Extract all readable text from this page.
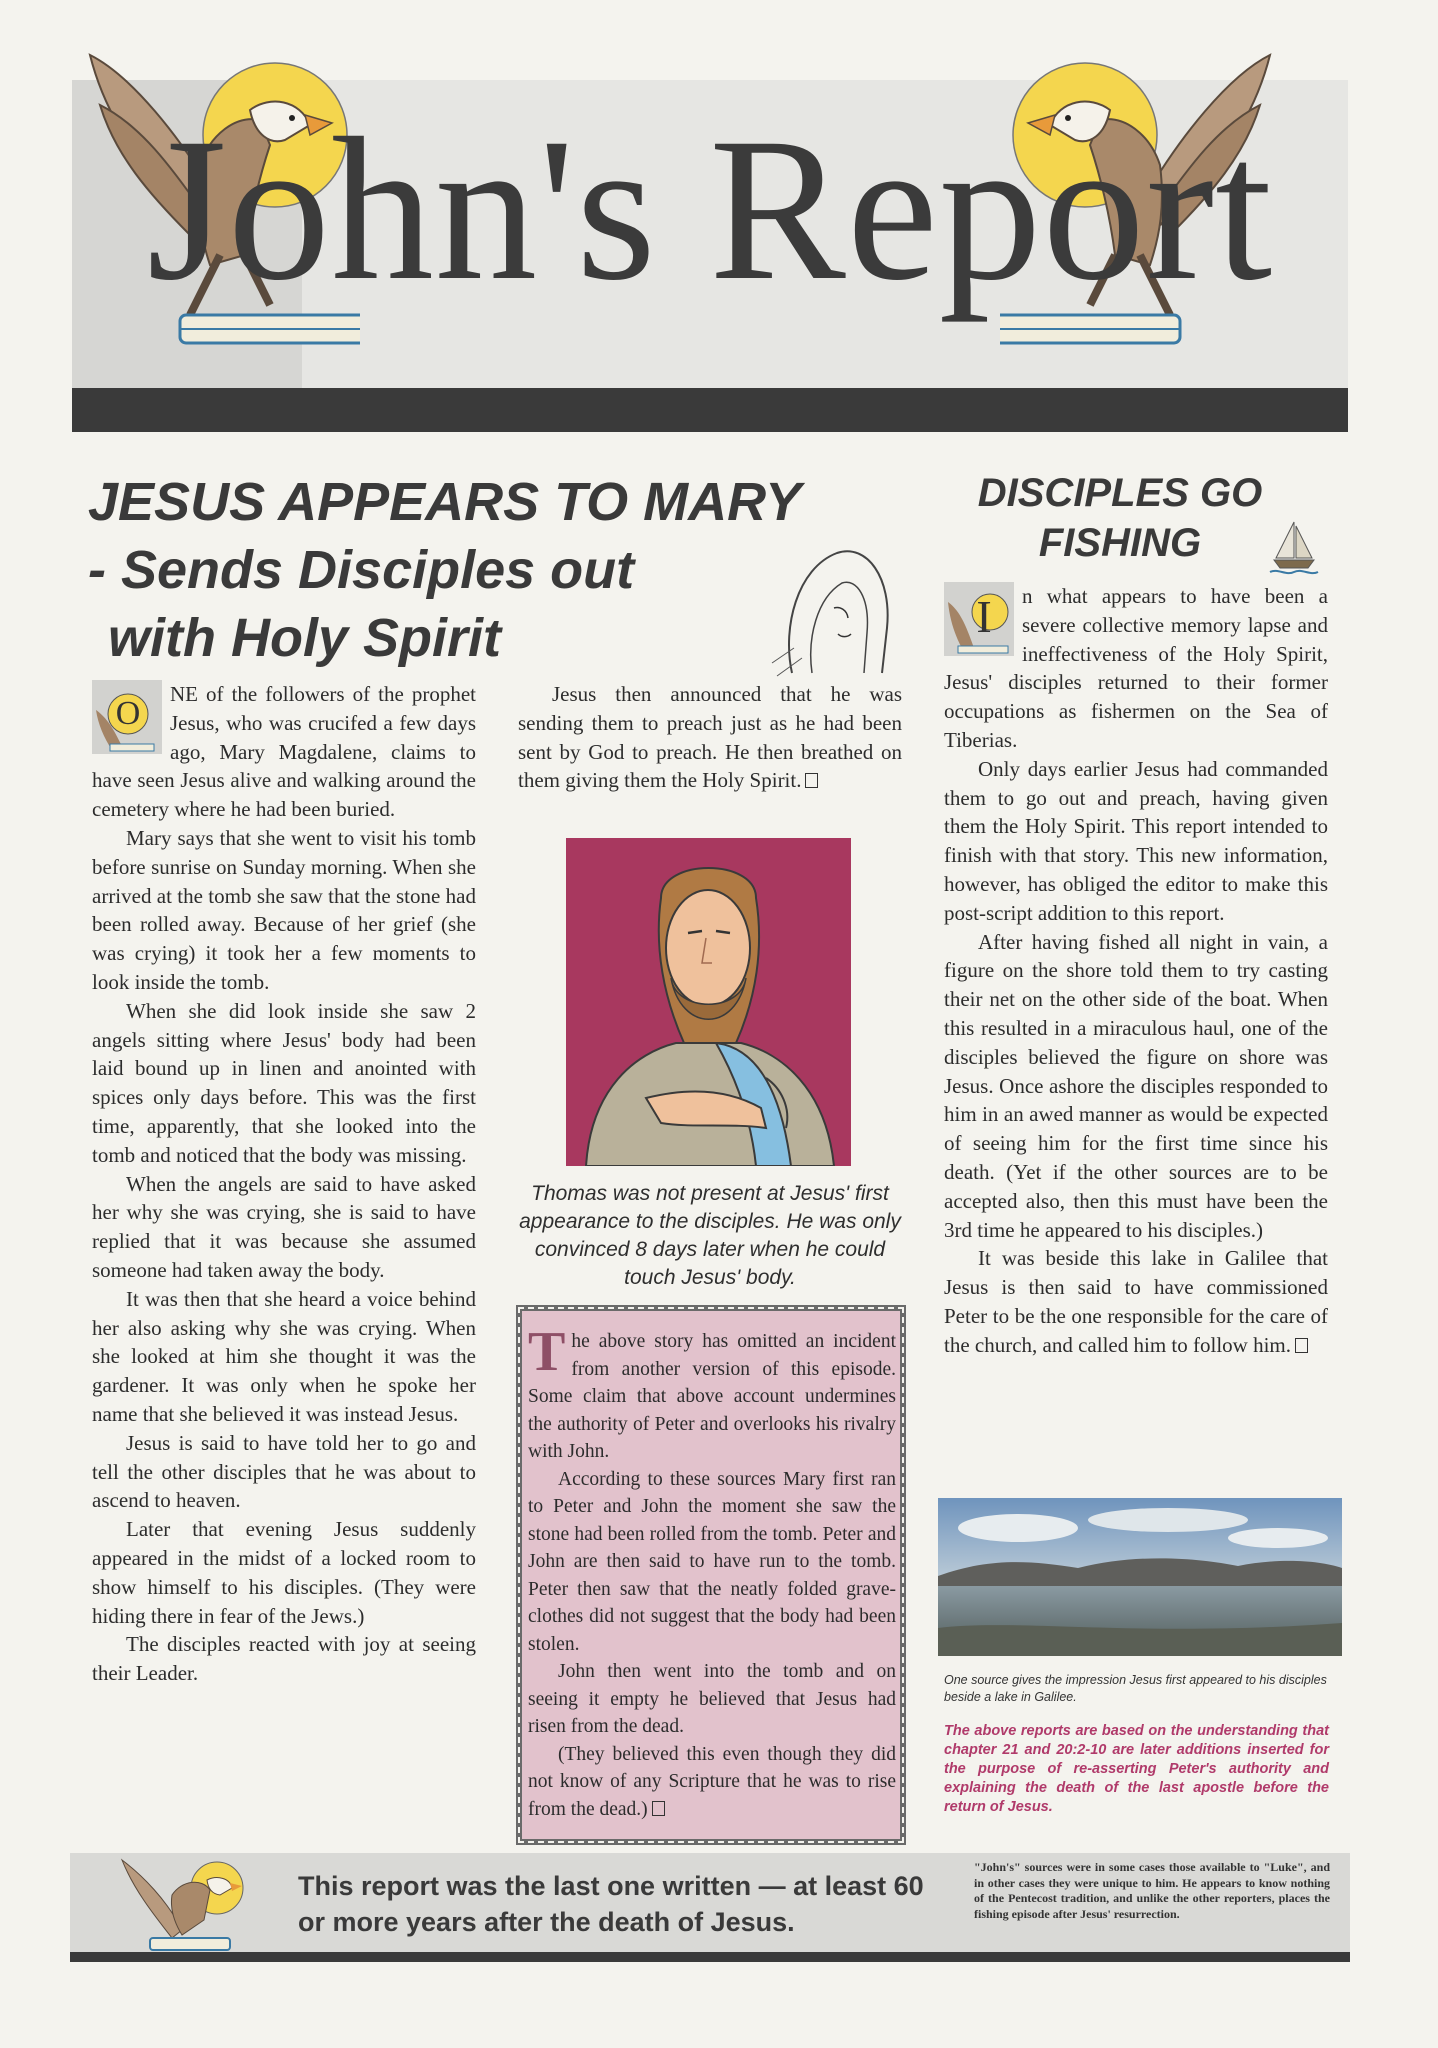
John's Report
JESUS APPEARS TO MARY
- Sends Disciples out
with Holy Spirit
O

NE of the followers of the prophet Jesus, who was crucifed a few days ago, Mary Magdalene, claims to have seen Jesus alive and walking around the cemetery where he had been buried.

Mary says that she went to visit his tomb before sunrise on Sunday morning. When she arrived at the tomb she saw that the stone had been rolled away. Because of her grief (she was crying) it took her a few moments to look inside the tomb.

When she did look inside she saw 2 angels sitting where Jesus' body had been laid bound up in linen and anointed with spices only days before. This was the first time, apparently, that she looked into the tomb and noticed that the body was missing.

When the angels are said to have asked her why she was crying, she is said to have replied that it was because she assumed someone had taken away the body.

It was then that she heard a voice behind her also asking why she was crying. When she looked at him she thought it was the gardener. It was only when he spoke her name that she believed it was instead Jesus.

Jesus is said to have told her to go and tell the other disciples that he was about to ascend to heaven.

Later that evening Jesus suddenly appeared in the midst of a locked room to show himself to his disciples. (They were hiding there in fear of the Jews.)

The disciples reacted with joy at seeing their Leader.

Jesus then announced that he was sending them to preach just as he had been sent by God to preach. He then breathed on them giving them the Holy Spirit.

Thomas was not present at Jesus' first appearance to the disciples. He was only convinced 8 days later when he could touch Jesus' body.
T he above story has omitted an incident from another version of this episode. Some claim that above account undermines the authority of Peter and overlooks his rivalry with John.

According to these sources Mary first ran to Peter and John the moment she saw the stone had been rolled from the tomb. Peter and John are then said to have run to the tomb. Peter then saw that the neatly folded grave-clothes did not suggest that the body had been stolen.

John then went into the tomb and on seeing it empty he believed that Jesus had risen from the dead.

(They believed this even though they did not know of any Scripture that he was to rise from the dead.)

DISCIPLES GO
FISHING
I	n what appears to have been a severe collective memory lapse and ineffectiveness of the Holy Spirit, Jesus' disciples returned to their former occupations as fishermen on the Sea of Tiberias.

Only days earlier Jesus had commanded them to go out and preach, having given them the Holy Spirit. This report intended to finish with that story. This new information, however, has obliged the editor to make this post-script addition to this report.

After having fished all night in vain, a figure on the shore told them to try casting their net on the other side of the boat. When this resulted in a miraculous haul, one of the disciples believed the figure on shore was Jesus. Once ashore the disciples responded to him in an awed manner as would be expected of seeing him for the first time since his death. (Yet if the other sources are to be accepted also, then this must have been the 3rd time he appeared to his disciples.)

It was beside this lake in Galilee that Jesus is then said to have commissioned Peter to be the one responsible for the care of the church, and called him to follow him.

One source gives the impression Jesus first appeared to his disciples beside a lake in Galilee.
The above reports are based on the understanding that chapter 21 and 20:2-10 are later additions inserted for the purpose of re-asserting Peter's authority and explaining the death of the last apostle before the return of Jesus.
This report was the last one written — at least 60 or more years after the death of Jesus.
"John's" sources were in some cases those available to "Luke", and in other cases they were unique to him. He appears to know nothing of the Pentecost tradition, and unlike the other reporters, places the fishing episode after Jesus' resurrection.
